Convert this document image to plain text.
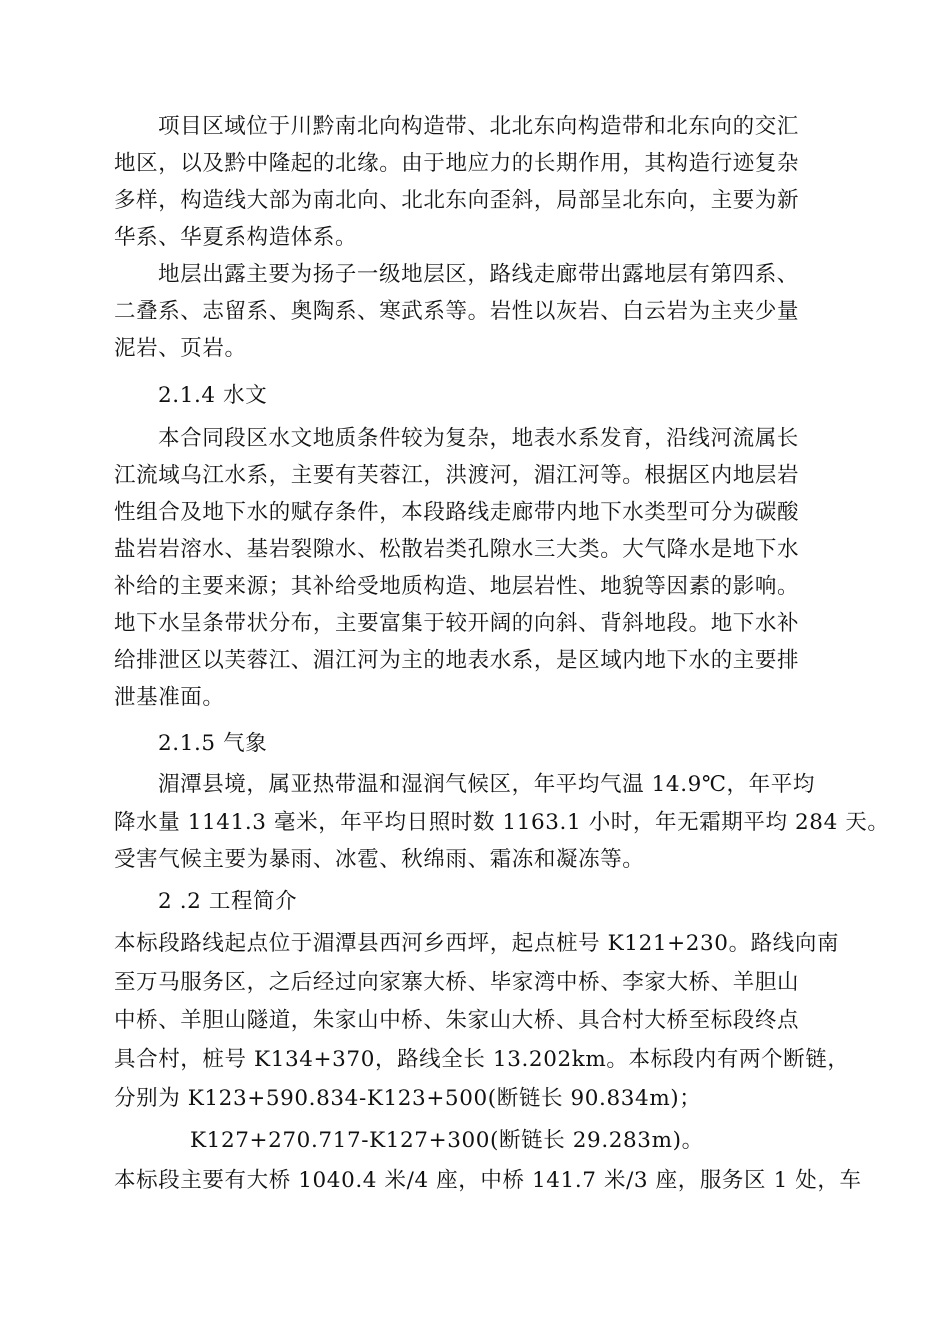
项目区域位于川黔南北向构造带、北北东向构造带和北东向的交汇

地区，以及黔中隆起的北缘。由于地应力的长期作用，其构造行迹复杂

多样，构造线大部为南北向、北北东向歪斜，局部呈北东向，主要为新

华系、华夏系构造体系。

地层出露主要为扬子一级地层区，路线走廊带出露地层有第四系、

二叠系、志留系、奥陶系、寒武系等。岩性以灰岩、白云岩为主夹少量

泥岩、页岩。

2.1.4 水文

本合同段区水文地质条件较为复杂，地表水系发育，沿线河流属长

江流域乌江水系，主要有芙蓉江，洪渡河，湄江河等。根据区内地层岩

性组合及地下水的赋存条件，本段路线走廊带内地下水类型可分为碳酸

盐岩岩溶水、基岩裂隙水、松散岩类孔隙水三大类。大气降水是地下水

补给的主要来源；其补给受地质构造、地层岩性、地貌等因素的影响。

地下水呈条带状分布，主要富集于较开阔的向斜、背斜地段。地下水补

给排泄区以芙蓉江、湄江河为主的地表水系，是区域内地下水的主要排

泄基准面。

2.1.5 气象

湄潭县境，属亚热带温和湿润气候区，年平均气温 14.9℃，年平均

降水量 1141.3 毫米，年平均日照时数 1163.1 小时，年无霜期平均 284 天。

受害气候主要为暴雨、冰雹、秋绵雨、霜冻和凝冻等。

2 .2 工程简介

本标段路线起点位于湄潭县西河乡西坪，起点桩号 K121+230。路线向南

至万马服务区，之后经过向家寨大桥、毕家湾中桥、李家大桥、羊胆山

中桥、羊胆山隧道，朱家山中桥、朱家山大桥、具合村大桥至标段终点

具合村，桩号 K134+370，路线全长 13.202km。本标段内有两个断链，

分别为 K123+590.834-K123+500(断链长 90.834m)；

K127+270.717-K127+300(断链长 29.283m)。

本标段主要有大桥 1040.4 米/4 座，中桥 141.7 米/3 座，服务区 1 处，车
